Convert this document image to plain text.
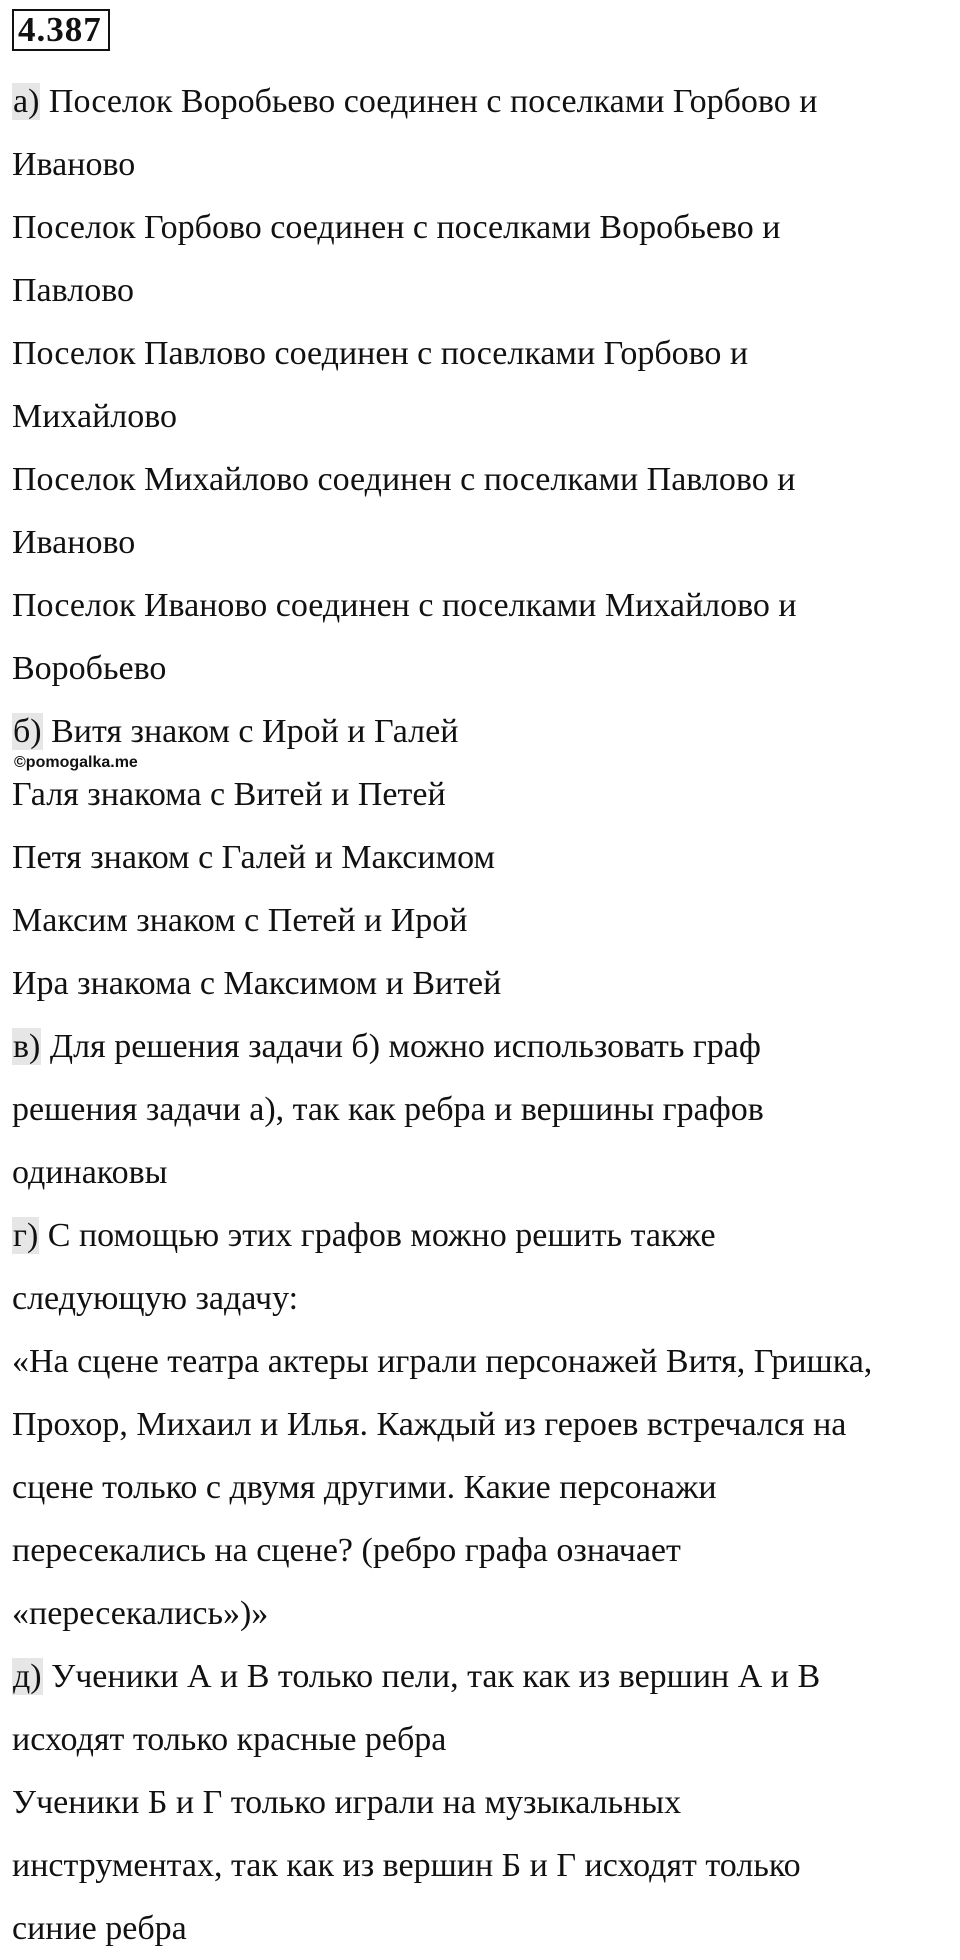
4.387
а) Поселок Воробьево соединен с поселками Горбово и
Иваново
Поселок Горбово соединен с поселками Воробьево и
Павлово
Поселок Павлово соединен с поселками Горбово и
Михайлово
Поселок Михайлово соединен с поселками Павлово и
Иваново
Поселок Иваново соединен с поселками Михайлово и
Воробьево
б) Витя знаком с Ирой и Галей
Галя знакома с Витей и Петей
Петя знаком с Галей и Максимом
Максим знаком с Петей и Ирой
Ира знакома с Максимом и Витей
в) Для решения задачи б) можно использовать граф
решения задачи а), так как ребра и вершины графов
одинаковы
г) С помощью этих графов можно решить также
следующую задачу:
«На сцене театра актеры играли персонажей Витя, Гришка,
Прохор, Михаил и Илья. Каждый из героев встречался на
сцене только с двумя другими. Какие персонажи
пересекались на сцене? (ребро графа означает
«пересекались»)»
д) Ученики А и В только пели, так как из вершин А и В
исходят только красные ребра
Ученики Б и Г только играли на музыкальных
инструментах, так как из вершин Б и Г исходят только
синие ребра
©pomogalka.me
